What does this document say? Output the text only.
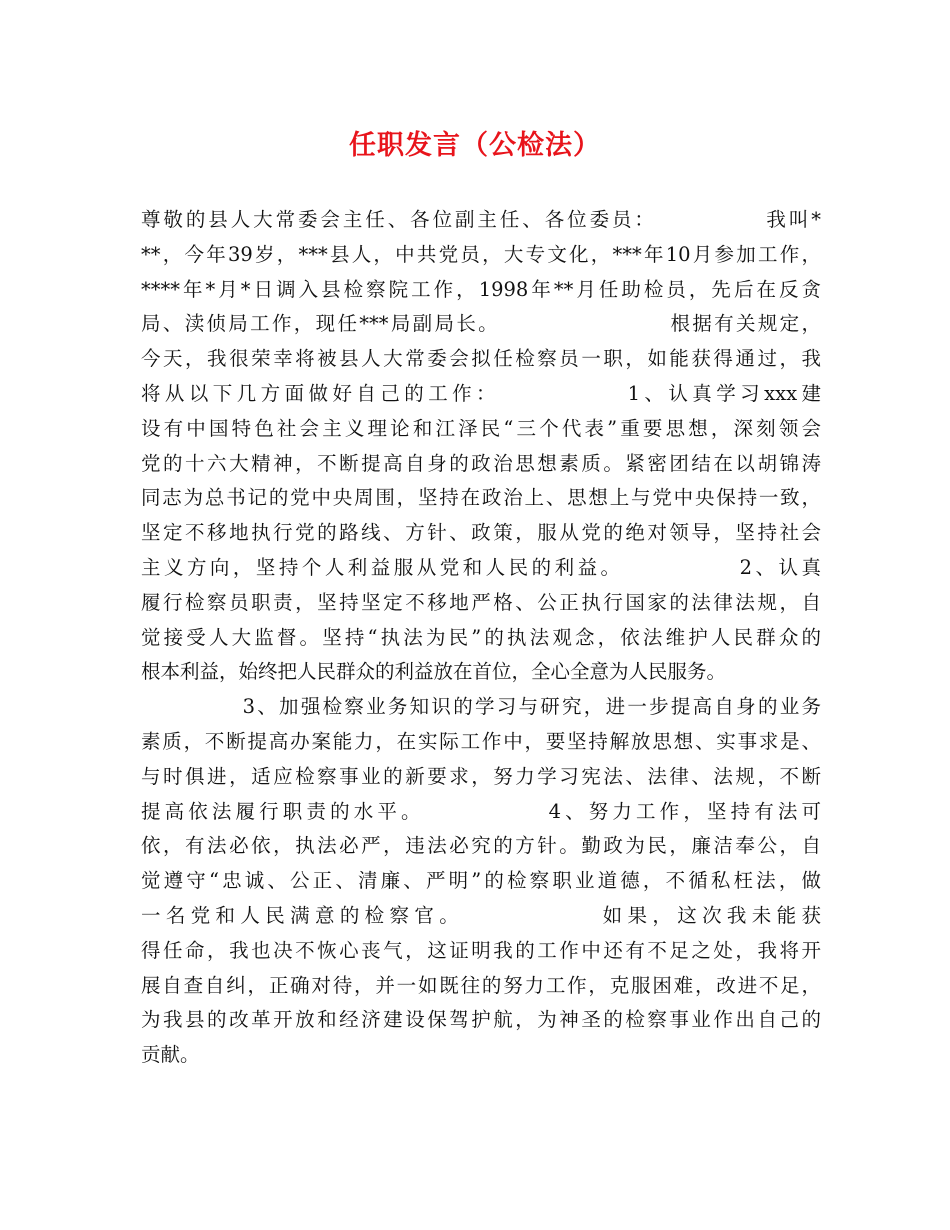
任职发言（公检法）
尊敬的县人大常委会主任、各位副主任、各位委员：            我叫*
**，今年39岁，***县人，中共党员，大专文化，***年10月参加工作，
****年*月*日调入县检察院工作，1998年**月任助检员，先后在反贪
局、渎侦局工作，现任***局副局长。                    根据有关规定，
今天，我很荣幸将被县人大常委会拟任检察员一职，如能获得通过，我
将从以下几方面做好自己的工作：            1、认真学习xxx建
设有中国特色社会主义理论和江泽民“三个代表”重要思想，深刻领会
党的十六大精神，不断提高自身的政治思想素质。紧密团结在以胡锦涛
同志为总书记的党中央周围，坚持在政治上、思想上与党中央保持一致，
坚定不移地执行党的路线、方针、政策，服从党的绝对领导，坚持社会
主义方向，坚持个人利益服从党和人民的利益。            2、认真
履行检察员职责，坚持坚定不移地严格、公正执行国家的法律法规，自
觉接受人大监督。坚持“执法为民”的执法观念，依法维护人民群众的
根本利益，始终把人民群众的利益放在首位，全心全意为人民服务。
3、加强检察业务知识的学习与研究，进一步提高自身的业务
素质，不断提高办案能力，在实际工作中，要坚持解放思想、实事求是、
与时俱进，适应检察事业的新要求，努力学习宪法、法律、法规，不断
提高依法履行职责的水平。            4、努力工作，坚持有法可
依，有法必依，执法必严，违法必究的方针。勤政为民，廉洁奉公，自
觉遵守“忠诚、公正、清廉、严明”的检察职业道德，不循私枉法，做
一名党和人民满意的检察官。            如果，这次我未能获
得任命，我也决不恢心丧气，这证明我的工作中还有不足之处，我将开
展自查自纠，正确对待，并一如既往的努力工作，克服困难，改进不足，
为我县的改革开放和经济建设保驾护航，为神圣的检察事业作出自己的
贡献。
